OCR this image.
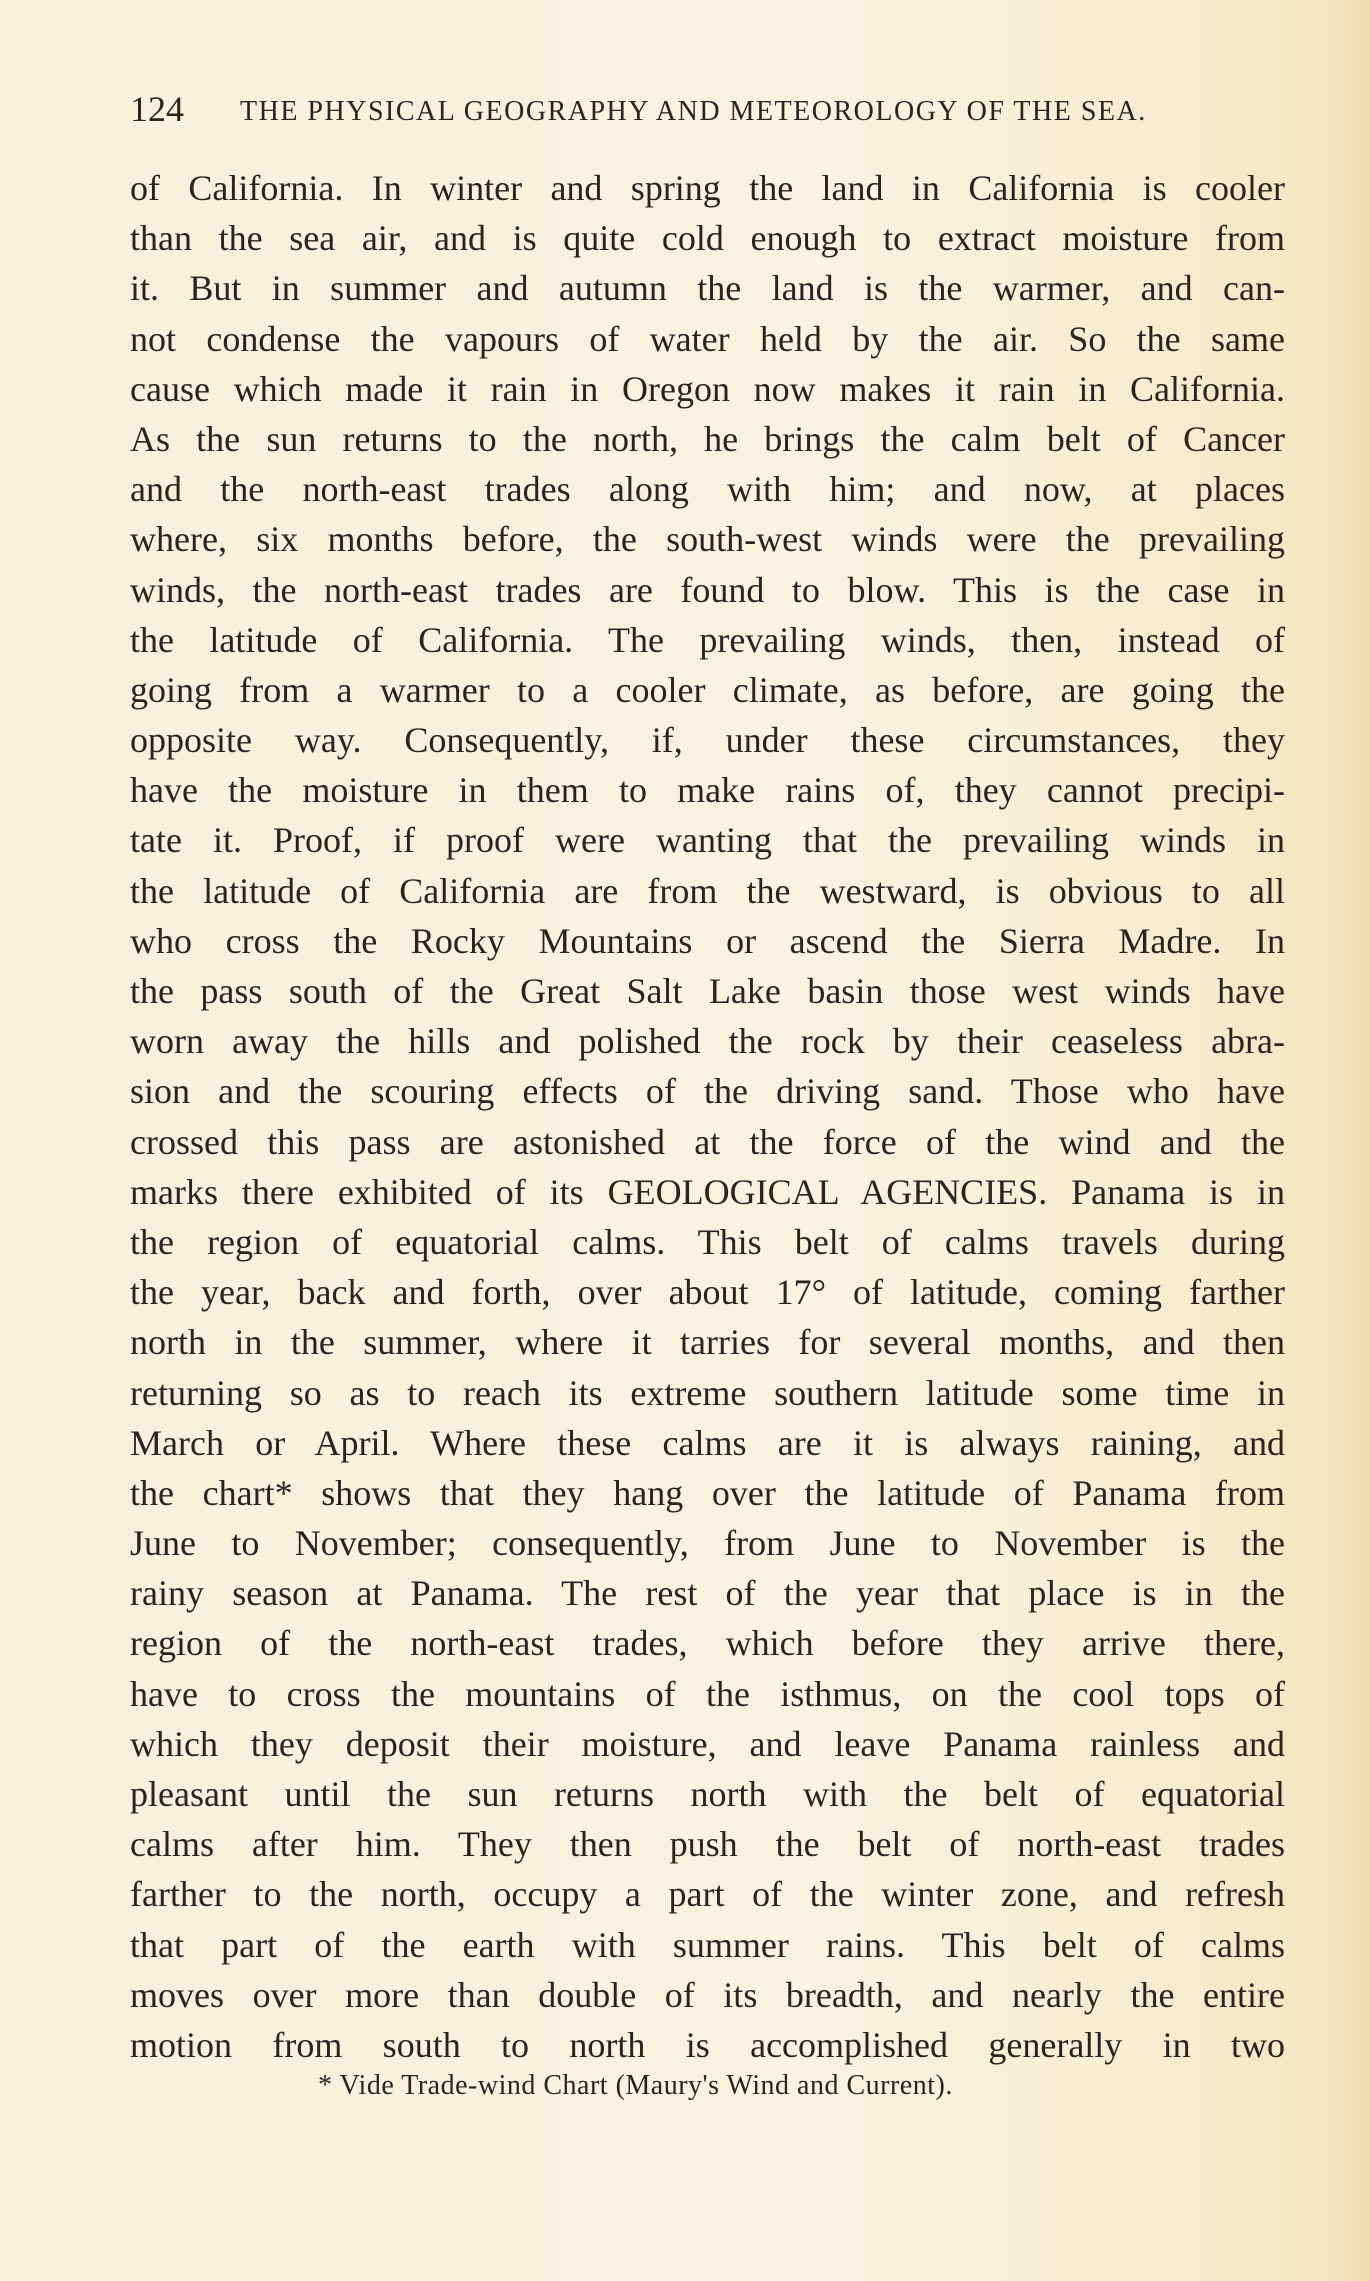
124 THE PHYSICAL GEOGRAPHY AND METEOROLOGY OF THE SEA.
of California. In winter and spring the land in California is cooler
than the sea air, and is quite cold enough to extract moisture from
it. But in summer and autumn the land is the warmer, and can-
not condense the vapours of water held by the air. So the same
cause which made it rain in Oregon now makes it rain in California.
As the sun returns to the north, he brings the calm belt of Cancer
and the north-east trades along with him; and now, at places
where, six months before, the south-west winds were the prevailing
winds, the north-east trades are found to blow. This is the case in
the latitude of California. The prevailing winds, then, instead of
going from a warmer to a cooler climate, as before, are going the
opposite way. Consequently, if, under these circumstances, they
have the moisture in them to make rains of, they cannot precipi-
tate it. Proof, if proof were wanting that the prevailing winds in
the latitude of California are from the westward, is obvious to all
who cross the Rocky Mountains or ascend the Sierra Madre. In
the pass south of the Great Salt Lake basin those west winds have
worn away the hills and polished the rock by their ceaseless abra-
sion and the scouring effects of the driving sand. Those who have
crossed this pass are astonished at the force of the wind and the
marks there exhibited of its GEOLOGICAL AGENCIES. Panama is in
the region of equatorial calms. This belt of calms travels during
the year, back and forth, over about 17° of latitude, coming farther
north in the summer, where it tarries for several months, and then
returning so as to reach its extreme southern latitude some time in
March or April. Where these calms are it is always raining, and
the chart* shows that they hang over the latitude of Panama from
June to November; consequently, from June to November is the
rainy season at Panama. The rest of the year that place is in the
region of the north-east trades, which before they arrive there,
have to cross the mountains of the isthmus, on the cool tops of
which they deposit their moisture, and leave Panama rainless and
pleasant until the sun returns north with the belt of equatorial
calms after him. They then push the belt of north-east trades
farther to the north, occupy a part of the winter zone, and refresh
that part of the earth with summer rains. This belt of calms
moves over more than double of its breadth, and nearly the entire
motion from south to north is accomplished generally in two
* Vide Trade-wind Chart (Maury's Wind and Current).
